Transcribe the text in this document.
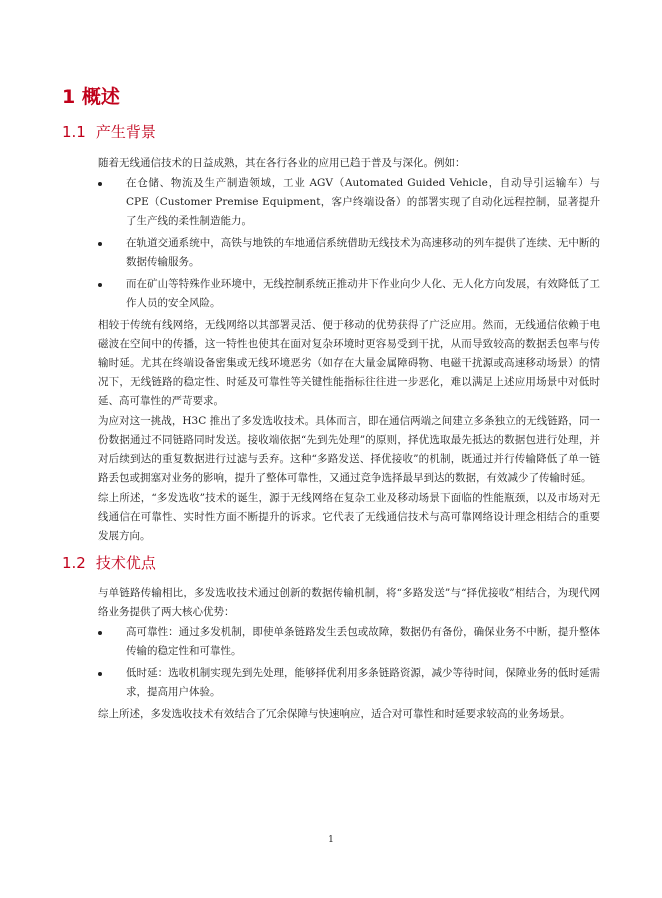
1 概述
1.1 产生背景

随着无线通信技术的日益成熟，其在各行各业的应用已趋于普及与深化。例如：

在仓储、物流及生产制造领域，工业 AGV（Automated Guided Vehicle，自动导引运输车）与 CPE（Customer Premise Equipment，客户终端设备）的部署实现了自动化远程控制，显著提升了生产线的柔性制造能力。
在轨道交通系统中，高铁与地铁的车地通信系统借助无线技术为高速移动的列车提供了连续、无中断的数据传输服务。
而在矿山等特殊作业环境中，无线控制系统正推动井下作业向少人化、无人化方向发展，有效降低了工作人员的安全风险。

相较于传统有线网络，无线网络以其部署灵活、便于移动的优势获得了广泛应用。然而，无线通信依赖于电磁波在空间中的传播，这一特性也使其在面对复杂环境时更容易受到干扰，从而导致较高的数据丢包率与传输时延。尤其在终端设备密集或无线环境恶劣（如存在大量金属障碍物、电磁干扰源或高速移动场景）的情况下，无线链路的稳定性、时延及可靠性等关键性能指标往往进一步恶化，难以满足上述应用场景中对低时延、高可靠性的严苛要求。

为应对这一挑战，H3C 推出了多发选收技术。具体而言，即在通信两端之间建立多条独立的无线链路，同一份数据通过不同链路同时发送。接收端依据“先到先处理”的原则，择优选取最先抵达的数据包进行处理，并对后续到达的重复数据进行过滤与丢弃。这种“多路发送、择优接收”的机制，既通过并行传输降低了单一链路丢包或拥塞对业务的影响，提升了整体可靠性，又通过竞争选择最早到达的数据，有效减少了传输时延。

综上所述，“多发选收”技术的诞生，源于无线网络在复杂工业及移动场景下面临的性能瓶颈，以及市场对无线通信在可靠性、实时性方面不断提升的诉求。它代表了无线通信技术与高可靠网络设计理念相结合的重要发展方向。

1.2 技术优点

与单链路传输相比，多发选收技术通过创新的数据传输机制，将“多路发送”与“择优接收”相结合，为现代网络业务提供了两大核心优势：

高可靠性：通过多发机制，即使单条链路发生丢包或故障，数据仍有备份，确保业务不中断，提升整体传输的稳定性和可靠性。
低时延：选收机制实现先到先处理，能够择优利用多条链路资源，减少等待时间，保障业务的低时延需求，提高用户体验。

综上所述，多发选收技术有效结合了冗余保障与快速响应，适合对可靠性和时延要求较高的业务场景。

1
